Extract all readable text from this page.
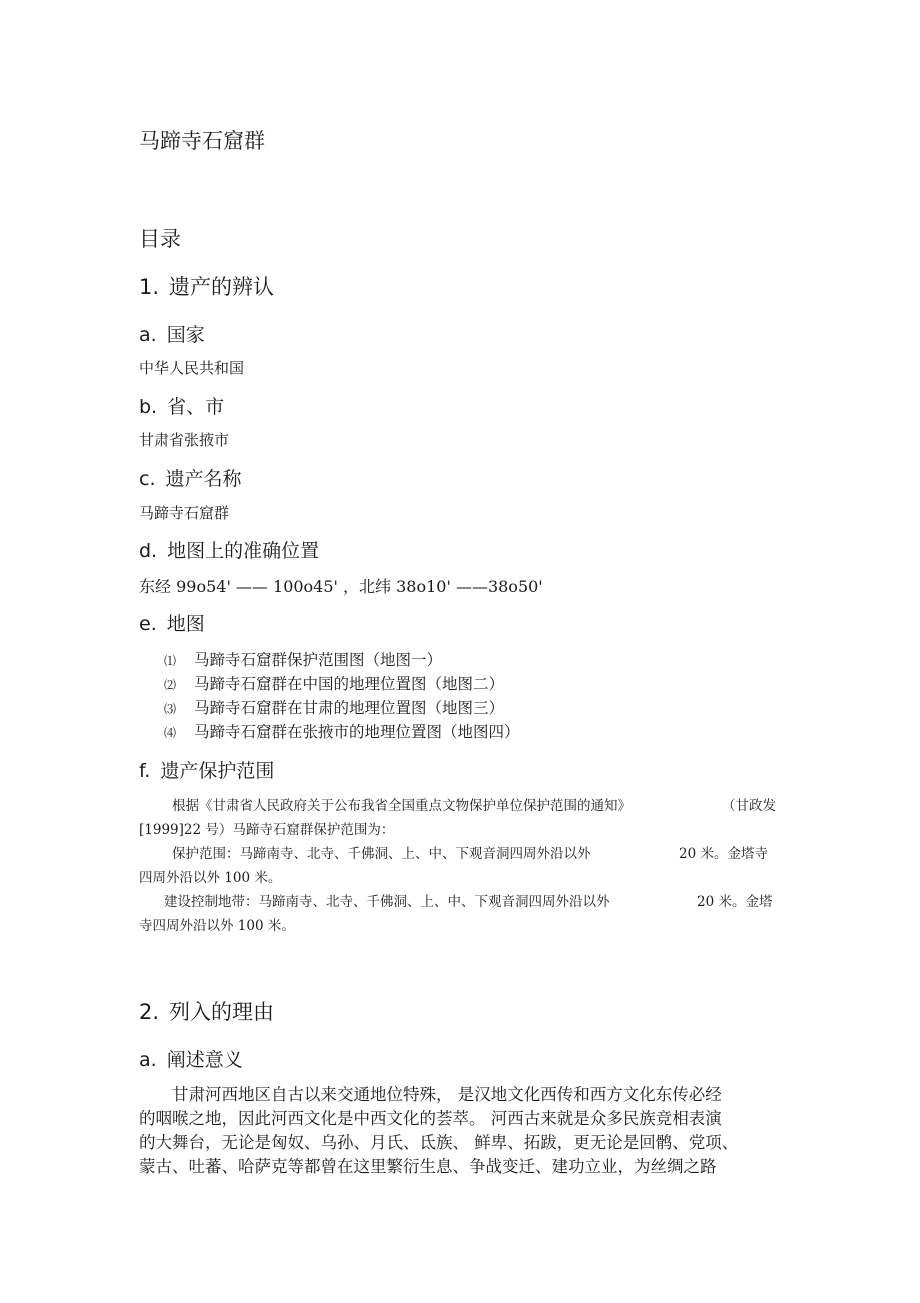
马蹄寺石窟群
目录
1. 遗产的辨认
a. 国家
中华人民共和国
b. 省、市
甘肃省张掖市
c. 遗产名称
马蹄寺石窟群
d. 地图上的准确位置
东经 99o54' —— 100o45' ，北纬 38o10' ——38o50'
e. 地图
⑴ 马蹄寺石窟群保护范围图（地图一）
⑵ 马蹄寺石窟群在中国的地理位置图（地图二）
⑶ 马蹄寺石窟群在甘肃的地理位置图（地图三）
⑷ 马蹄寺石窟群在张掖市的地理位置图（地图四）
f. 遗产保护范围
根据《甘肃省人民政府关于公布我省全国重点文物保护单位保护范围的通知》	（甘政发
[1999]22 号）马蹄寺石窟群保护范围为：
保护范围：马蹄南寺、北寺、千佛洞、上、中、下观音洞四周外沿以外	20 米。金塔寺
四周外沿以外 100 米。
建设控制地带：马蹄南寺、北寺、千佛洞、上、中、下观音洞四周外沿以外	20 米。金塔
寺四周外沿以外 100 米。
2. 列入的理由
a. 阐述意义
甘肃河西地区自古以来交通地位特殊， 是汉地文化西传和西方文化东传必经
的咽喉之地，因此河西文化是中西文化的荟萃。 河西古来就是众多民族竞相表演
的大舞台，无论是匈奴、乌孙、月氏、氐族、 鲜卑、拓跋，更无论是回鹘、党项、
蒙古、吐蕃、哈萨克等都曾在这里繁衍生息、争战变迁、建功立业，为丝绸之路
